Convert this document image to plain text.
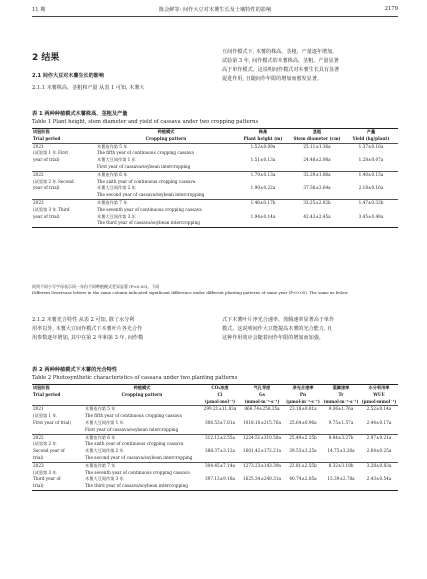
11 期	陈会鲜等: 间作大豆对木薯生长及土壤特性的影响	2179
2 结果
2.1 间作大豆对木薯生长的影响
2.1.1 木薯株高、茎粗和产量 从表 1 可知, 木薯大
豆间作模式下, 木薯的株高、茎粗、产量逐年增加,
试验第 3 年, 间作模式的木薯株高、茎粗、产量显著
高于单作模式。这说明间作模式对木薯生长具有显著
促进作用, 且随间作年限的增加而愈发显著。
表 1 两种种植模式木薯株高、茎粗及产量
Table 1 Plant height, stem diameter and yield of cassava under two cropping patterns
试验阶段	种植模式	株高	茎粗	产量
Trial period	Cropping pattern	Plant height (m)	Stem diameter (cm)	Yield (kg/plant)

2021
(试验第 1 年 First
year of trial)	木薯连作第 5 年	1.52±0.09a	25.11±1.36a	1.37±0.16a
	The fifth year of continuous cropping cassava			
	木薯大豆间作第 1 年	1.51±0.13a	24.48±2.98a	1.28±0.07a
	First year of cassava/soybean intercropping			

2022
(试验第 2 年 Second
year of trial)	木薯连作第 6 年	1.70±0.13a	32.29±1.86a	1.40±0.15a
	The sixth year of continuous cropping cassava			
	木薯大豆间作第 2 年	1.90±0.22a	37.36±3.64a	2.18±0.16a
	The second year of cassava/soybean intercropping			

2023
(试验第 3 年 Third
year of trial)	木薯连作第 7 年	1.46±0.17b	33.25±2.02b	1.47±0.32b
	The seventh year of continuous cropping cassava			
	木薯大豆间作第 3 年	1.94±0.14a	42.43±2.45a	3.45±0.48a
	The third year of cassava/soybean intercropping			
同列不同小写字母表示同一年份不同种植模式差异显著 (P<0.05)。下同
Different lowercase letters in the same column indicated significant difference under different planting patterns of same year (P<0.05). The same as below
2.1.2 木薯光合特性 从表 2 可知, 除了水分利
用率以外, 木薯大豆间作模式下木薯叶片各光合作
用参数逐年增加, 其中在第 2 年和第 3 年, 间作模
式下木薯叶片净光合速率、蒸腾速率显著高于单作
模式。这说明间作大豆能提高木薯的光合能力, 且
这种作用效应会随着间作年限的增加而加强。
表 2 两种种植模式下木薯的光合特性
Table 2 Photosynthetic characteristics of cassava under two planting patterns
试验阶段	种植模式	CO₂浓度	气孔导度	净光合速率	蒸腾速率	水分利用率
Trial period	Cropping pattern	Ci	Gs	Pn	Tr	WUE
		(μmol·mol⁻¹)	(mmol·m⁻²·s⁻¹)	(μmol·m⁻²·s⁻¹)	(mmol·m⁻²·s⁻¹)	(μmol·mmol⁻¹)

2021
(试验第 1 年
First year of trial)	木薯连作第 5 年	299.21±11.83a	866.74±258.35a	23.18±0.81a	9.36±1.76a	2.52±0.14a
	The fifth year of continuous cropping cassava					
	木薯大豆间作第 1 年	306.53±7.81a	1018.10±215.76a	25.64±0.96a	9.75±1.57a	2.44±0.17a
	First year of cassava/soybean intercropping					

2022
(试验第 2 年
Second year of
trial)	木薯连作第 6 年	312.12±2.55a	1224.51±310.58a	25.49±2.15b	8.64±3.27b	2.97±0.21a
	The sixth year of continuous cropping cassava					
	木薯大豆间作第 2 年	388.37±3.12a	1601.42±172.21a	39.53±3.25a	14.75±3.20a	2.64±0.25a
	The second year of cassava/soybean intercropping					

2023
(试验第 3 年
Third year of
trial)	木薯连作第 7 年	304.45±7.14a	1273.23±143.39a	23.81±2.55b	8.32±3.18b	3.28±0.83a
	The seventh year of continuous cropping cassava					
	木薯大豆间作第 3 年	397.13±9.18a	1625.34±240.31a	40.74±2.85a	15.39±2.78a	2.43±0.54a
	The third year of cassava/soybean intercropping					
